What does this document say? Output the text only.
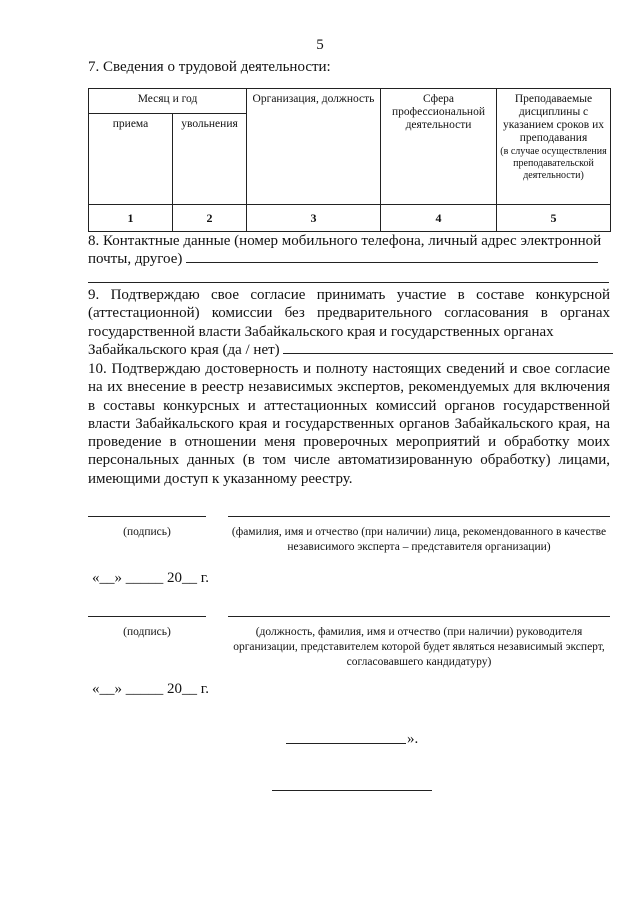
5
7. Сведения о трудовой деятельности:
Месяц и год		Организация, должность	Сфера профессиональной деятельности	Преподаваемые дисциплины с указанием сроков их преподавания
(в случае осуществления преподавательской деятельности)

приема	увольнения			
1	2	3	4	5
8. Контактные данные (номер мобильного телефона, личный адрес электронной
почты, другое)
9. Подтверждаю свое согласие принимать участие в составе конкурсной (аттестационной) комиссии без предварительного согласования в органах государственной власти Забайкальского края и государственных органах
Забайкальского края (да / нет)
10. Подтверждаю достоверность и полноту настоящих сведений и свое согласие на их внесение в реестр независимых экспертов, рекомендуемых для включения в составы конкурсных и аттестационных комиссий органов государственной власти Забайкальского края и государственных органов Забайкальского края, на проведение в отношении меня проверочных мероприятий и обработку моих персональных данных (в том числе автоматизированную обработку) лицами, имеющими доступ к указанному реестру.
(подпись)	(фамилия, имя и отчество (при наличии) лица, рекомендованного в качестве независимого эксперта – представителя организации)
«__» _____ 20__ г.
(подпись)	(должность, фамилия, имя и отчество (при наличии) руководителя организации, представителем которой будет являться независимый эксперт, согласовавшего кандидатуру)
«__» _____ 20__ г.
».
